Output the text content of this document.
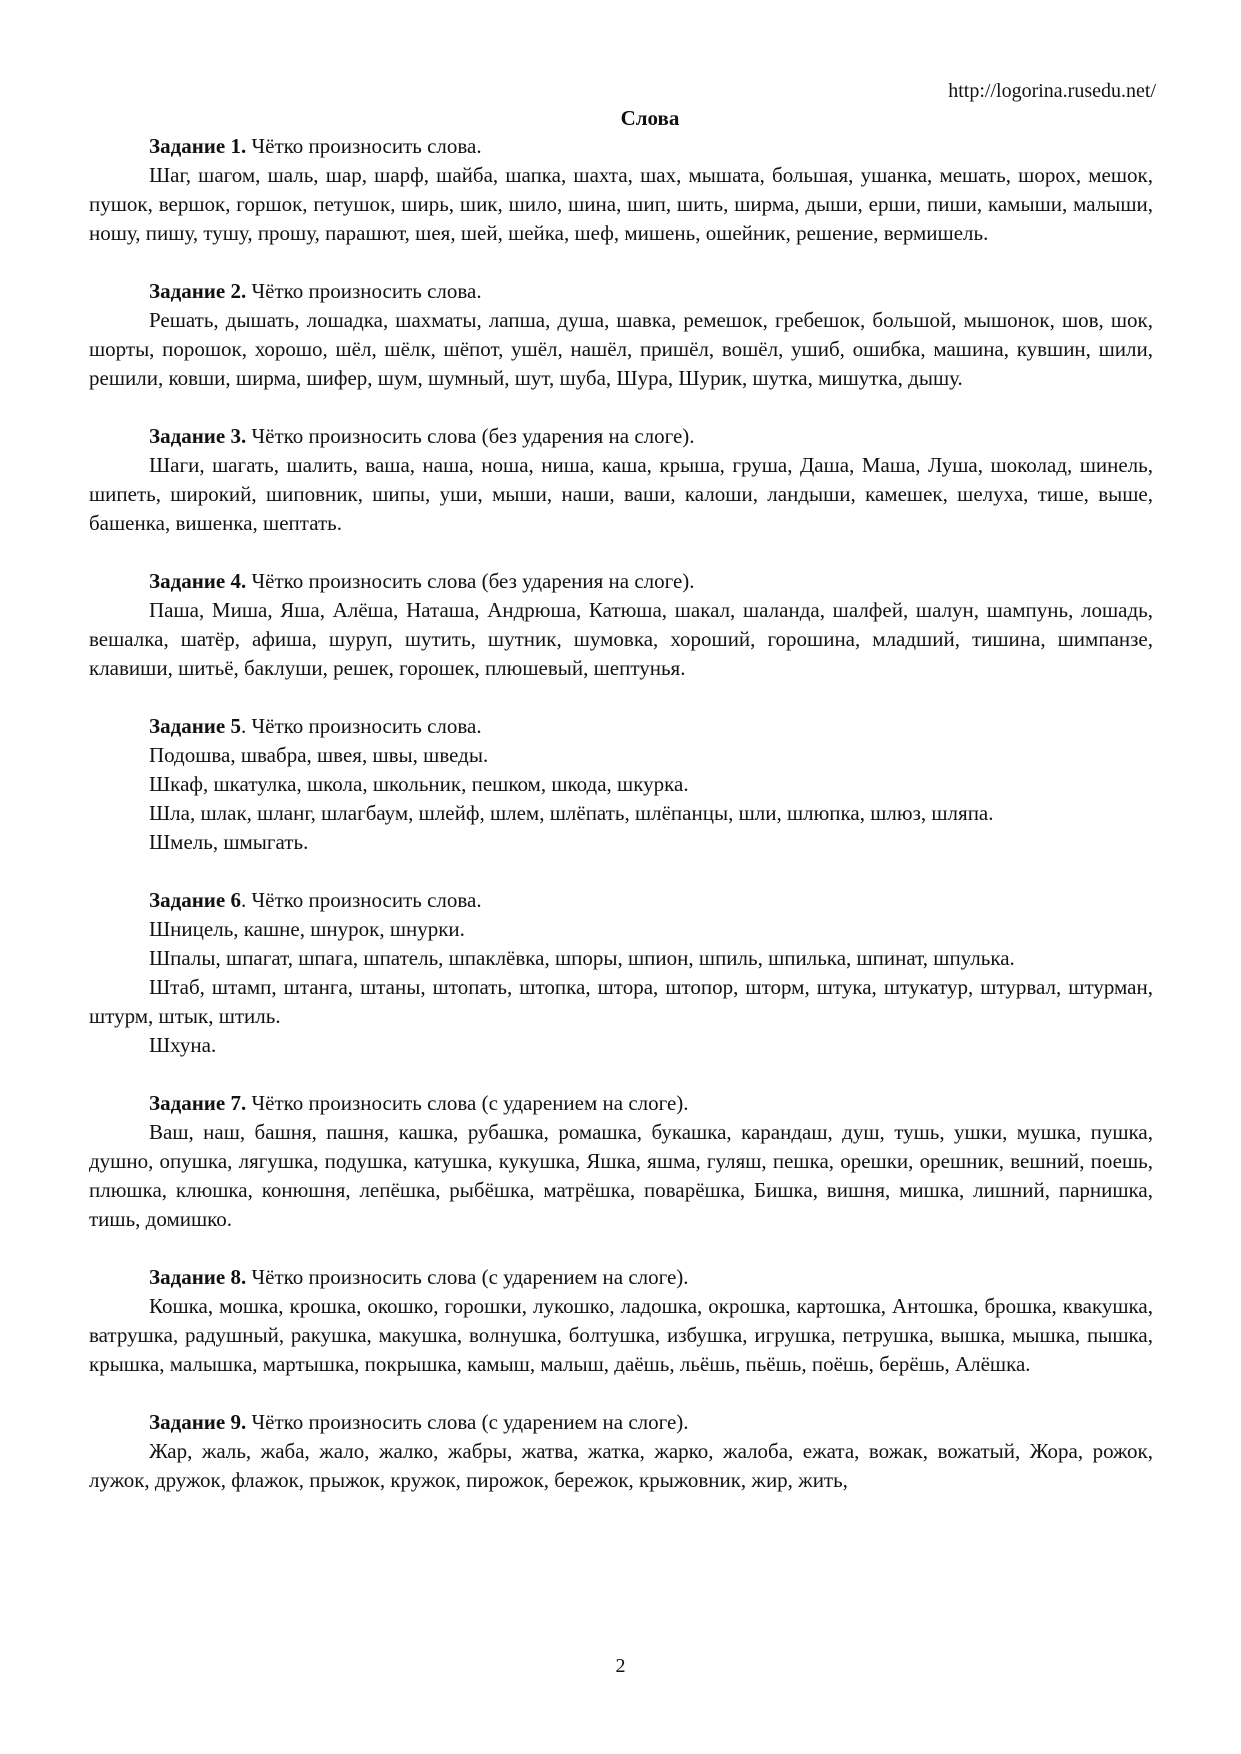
http://logorina.rusedu.net/
Слова

Задание 1. Чётко произносить слова.

Шаг, шагом, шаль, шар, шарф, шайба, шапка, шахта, шах, мышата, большая, ушанка, мешать, шорох, мешок, пушок, вершок, горшок, петушок, ширь, шик, шило, шина, шип, шить, ширма, дыши, ерши, пиши, камыши, малыши, ношу, пишу, тушу, прошу, парашют, шея, шей, шейка, шеф, мишень, ошейник, решение, вермишель.

Задание 2. Чётко произносить слова.

Решать, дышать, лошадка, шахматы, лапша, душа, шавка, ремешок, гребешок, большой, мышонок, шов, шок, шорты, порошок, хорошо, шёл, шёлк, шёпот, ушёл, нашёл, пришёл, вошёл, ушиб, ошибка, машина, кувшин, шили, решили, ковши, ширма, шифер, шум, шумный, шут, шуба, Шура, Шурик, шутка, мишутка, дышу.

Задание 3. Чётко произносить слова (без ударения на слоге).

Шаги, шагать, шалить, ваша, наша, ноша, ниша, каша, крыша, груша, Даша, Маша, Луша, шоколад, шинель, шипеть, широкий, шиповник, шипы, уши, мыши, наши, ваши, калоши, ландыши, камешек, шелуха, тише, выше, башенка, вишенка, шептать.

Задание 4. Чётко произносить слова (без ударения на слоге).

Паша, Миша, Яша, Алёша, Наташа, Андрюша, Катюша, шакал, шаланда, шалфей, шалун, шампунь, лошадь, вешалка, шатёр, афиша, шуруп, шутить, шутник, шумовка, хороший, горошина, младший, тишина, шимпанзе, клавиши, шитьё, баклуши, решек, горошек, плюшевый, шептунья.

Задание 5. Чётко произносить слова.

Подошва, швабра, швея, швы, шведы.

Шкаф, шкатулка, школа, школьник, пешком, шкода, шкурка.

Шла, шлак, шланг, шлагбаум, шлейф, шлем, шлёпать, шлёпанцы, шли, шлюпка, шлюз, шляпа.

Шмель, шмыгать.

Задание 6. Чётко произносить слова.

Шницель, кашне, шнурок, шнурки.

Шпалы, шпагат, шпага, шпатель, шпаклёвка, шпоры, шпион, шпиль, шпилька, шпинат, шпулька.

Штаб, штамп, штанга, штаны, штопать, штопка, штора, штопор, шторм, штука, штукатур, штурвал, штурман, штурм, штык, штиль.

Шхуна.

Задание 7. Чётко произносить слова (с ударением на слоге).

Ваш, наш, башня, пашня, кашка, рубашка, ромашка, букашка, карандаш, душ, тушь, ушки, мушка, пушка, душно, опушка, лягушка, подушка, катушка, кукушка, Яшка, яшма, гуляш, пешка, орешки, орешник, вешний, поешь, плюшка, клюшка, конюшня, лепёшка, рыбёшка, матрёшка, поварёшка, Бишка, вишня, мишка, лишний, парнишка, тишь, домишко.

Задание 8. Чётко произносить слова (с ударением на слоге).

Кошка, мошка, крошка, окошко, горошки, лукошко, ладошка, окрошка, картошка, Антошка, брошка, квакушка, ватрушка, радушный, ракушка, макушка, волнушка, болтушка, избушка, игрушка, петрушка, вышка, мышка, пышка, крышка, малышка, мартышка, покрышка, камыш, малыш, даёшь, льёшь, пьёшь, поёшь, берёшь, Алёшка.

Задание 9. Чётко произносить слова (с ударением на слоге).

Жар, жаль, жаба, жало, жалко, жабры, жатва, жатка, жарко, жалоба, ежата, вожак, вожатый, Жора, рожок, лужок, дружок, флажок, прыжок, кружок, пирожок, бережок, крыжовник, жир, жить,

2
